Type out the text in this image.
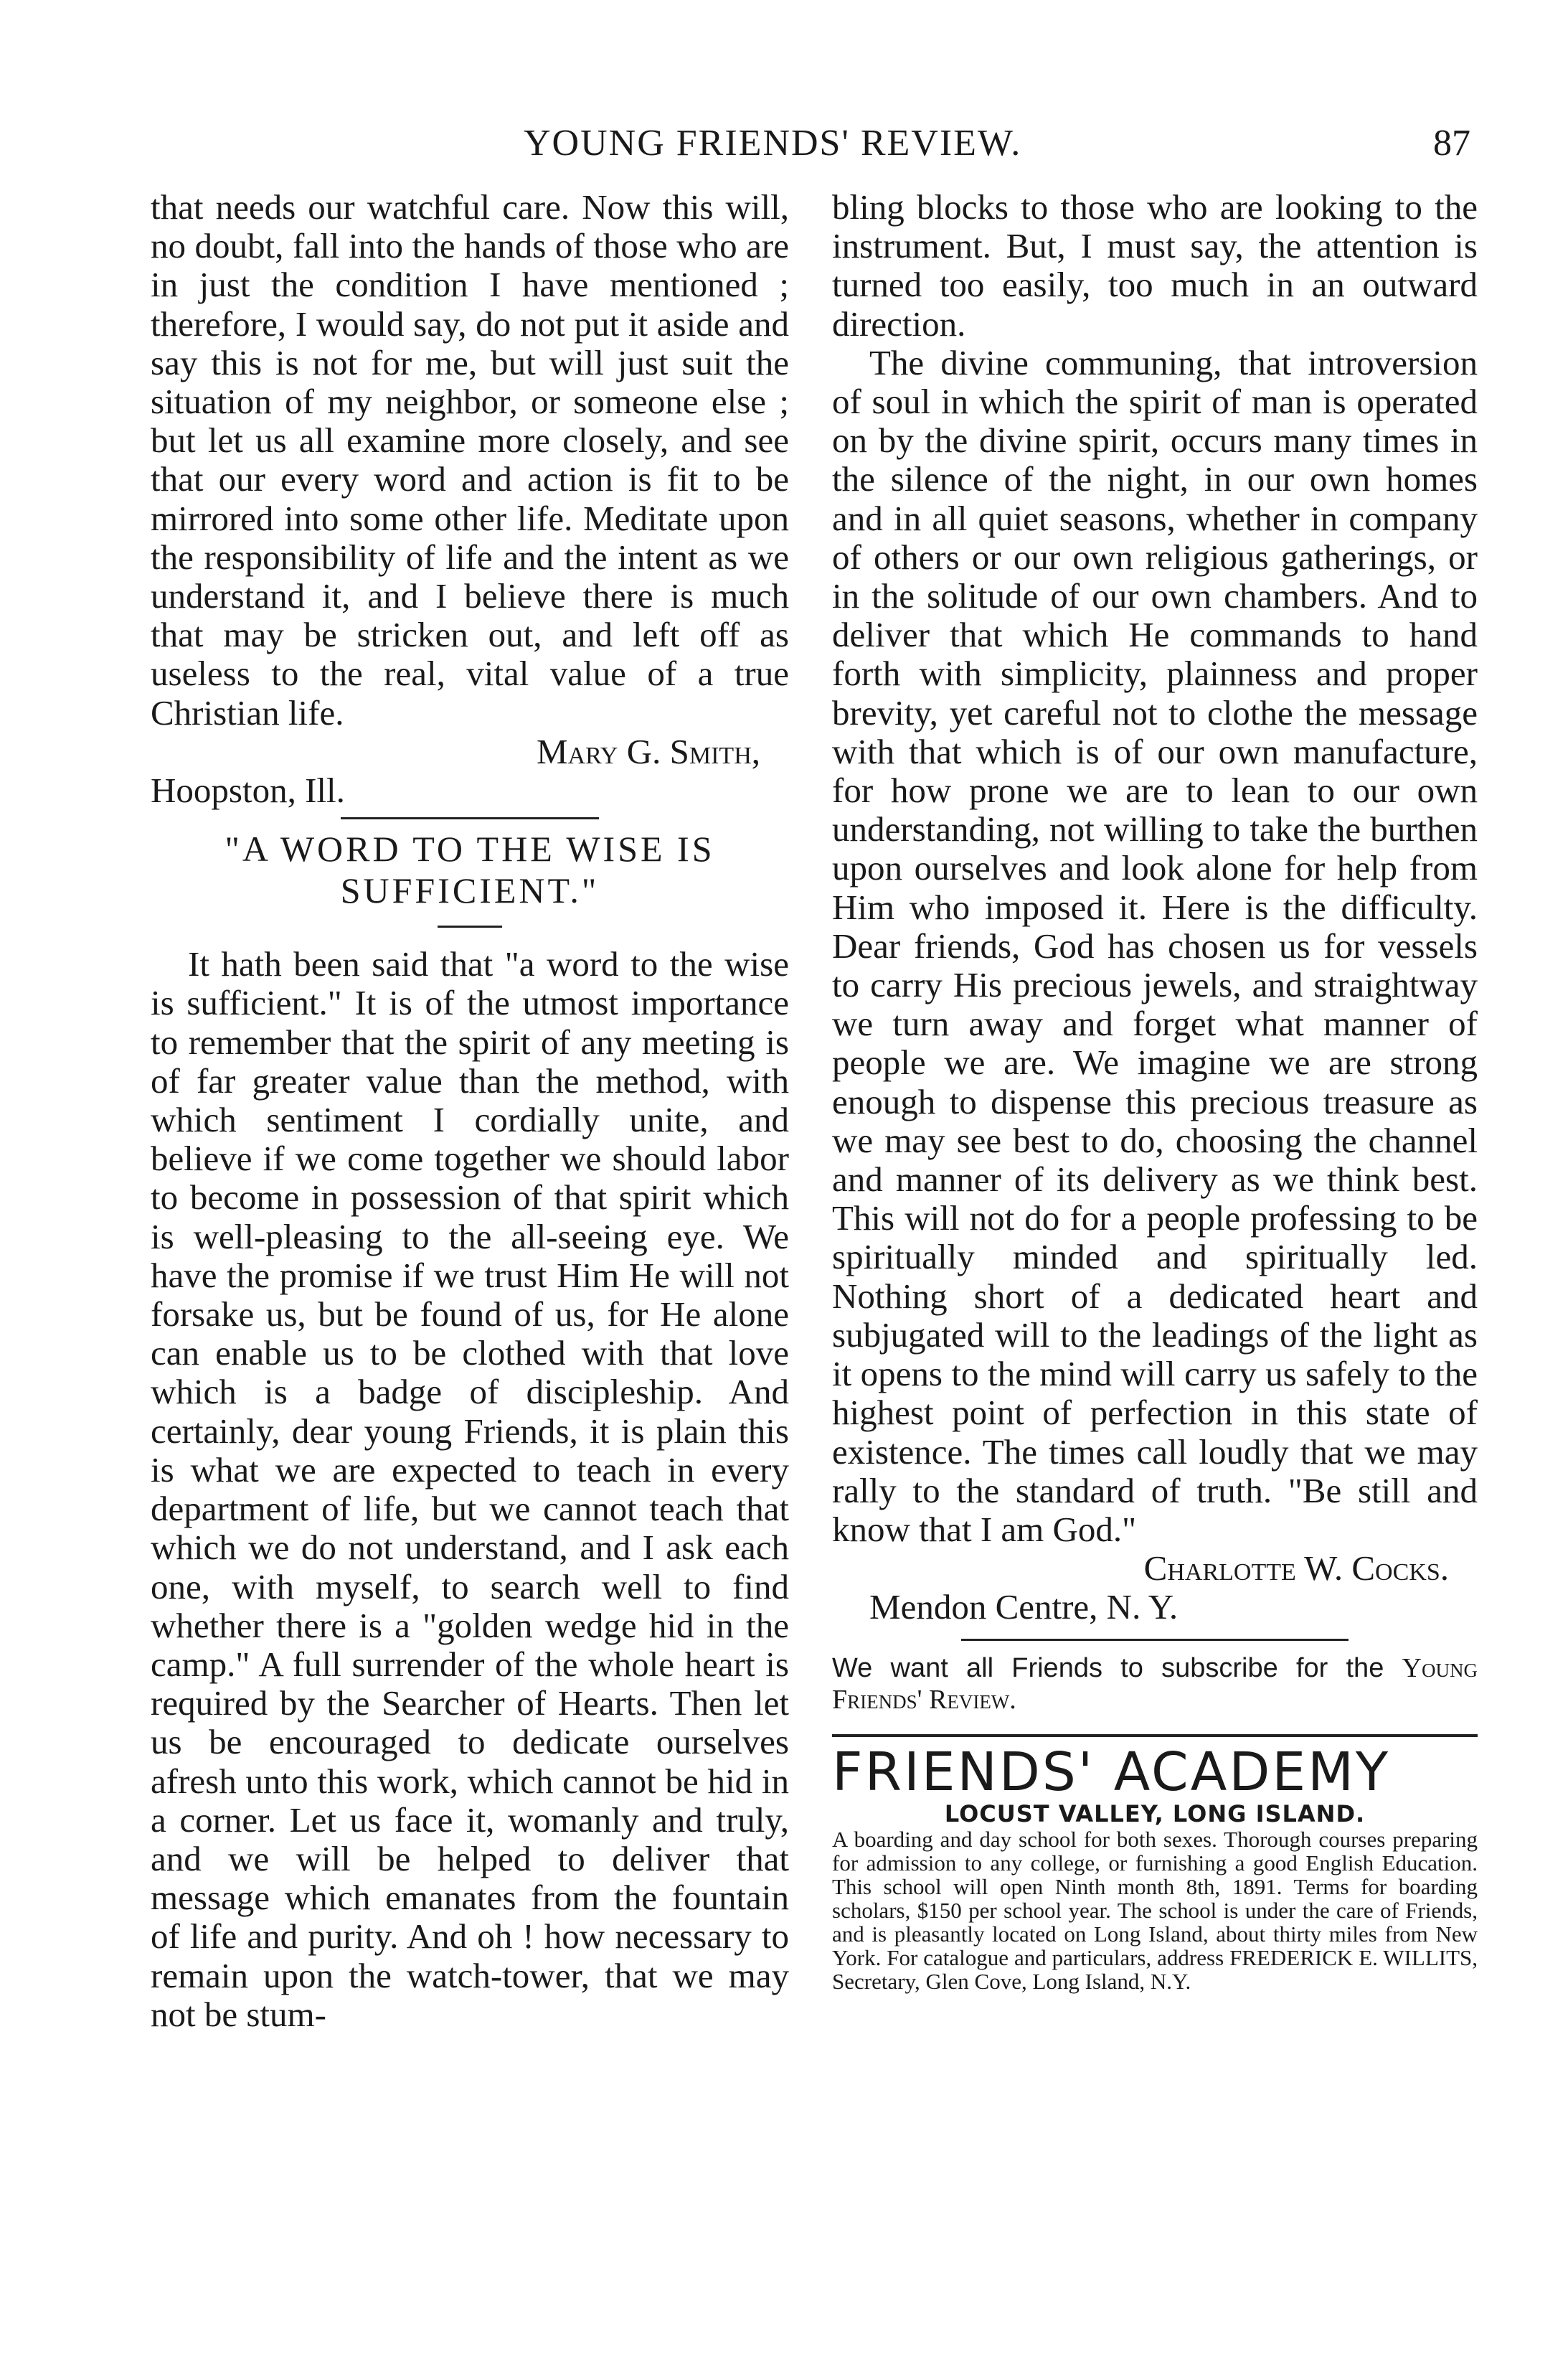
YOUNG FRIENDS' REVIEW.	87

that needs our watchful care. Now this will, no doubt, fall into the hands of those who are in just the condition I have mentioned ; therefore, I would say, do not put it aside and say this is not for me, but will just suit the situation of my neighbor, or someone else ; but let us all examine more closely, and see that our every word and action is fit to be mirrored into some other life. Meditate upon the responsibility of life and the intent as we understand it, and I believe there is much that may be stricken out, and left off as useless to the real, vital value of a true Christian life.

Mary G. Smith,

Hoopston, Ill.

"A WORD TO THE WISE IS

SUFFICIENT."

It hath been said that "a word to the wise is sufficient." It is of the utmost importance to remember that the spirit of any meeting is of far greater value than the method, with which sentiment I cordially unite, and believe if we come together we should labor to become in possession of that spirit which is well-pleasing to the all-seeing eye. We have the promise if we trust Him He will not forsake us, but be found of us, for He alone can enable us to be clothed with that love which is a badge of discipleship. And certainly, dear young Friends, it is plain this is what we are expected to teach in every department of life, but we cannot teach that which we do not understand, and I ask each one, with myself, to search well to find whether there is a "golden wedge hid in the camp." A full surrender of the whole heart is required by the Searcher of Hearts. Then let us be encouraged to dedicate ourselves afresh unto this work, which cannot be hid in a corner. Let us face it, womanly and truly, and we will be helped to deliver that message which emanates from the fountain of life and purity. And oh ! how necessary to remain upon the watch-tower, that we may not be stum-

bling blocks to those who are looking to the instrument. But, I must say, the attention is turned too easily, too much in an outward direction.

The divine communing, that introversion of soul in which the spirit of man is operated on by the divine spirit, occurs many times in the silence of the night, in our own homes and in all quiet seasons, whether in company of others or our own religious gatherings, or in the solitude of our own chambers. And to deliver that which He commands to hand forth with simplicity, plainness and proper brevity, yet careful not to clothe the message with that which is of our own manufacture, for how prone we are to lean to our own understanding, not willing to take the burthen upon ourselves and look alone for help from Him who imposed it. Here is the difficulty. Dear friends, God has chosen us for vessels to carry His precious jewels, and straightway we turn away and forget what manner of people we are. We imagine we are strong enough to dispense this precious treasure as we may see best to do, choosing the channel and manner of its delivery as we think best. This will not do for a people professing to be spiritually minded and spiritually led. Nothing short of a dedicated heart and subjugated will to the leadings of the light as it opens to the mind will carry us safely to the highest point of perfection in this state of existence. The times call loudly that we may rally to the standard of truth. "Be still and know that I am God."

Charlotte W. Cocks.

Mendon Centre, N. Y.

We want all Friends to subscribe for the Young Friends' Review.

FRIENDS' ACADEMY

LOCUST VALLEY, LONG ISLAND.

A boarding and day school for both sexes. Thorough courses preparing for admission to any college, or furnishing a good English Education. This school will open Ninth month 8th, 1891. Terms for boarding scholars, $150 per school year. The school is under the care of Friends, and is pleasantly located on Long Island, about thirty miles from New York. For catalogue and particulars, address FREDERICK E. WILLITS, Secretary, Glen Cove, Long Island, N.Y.
